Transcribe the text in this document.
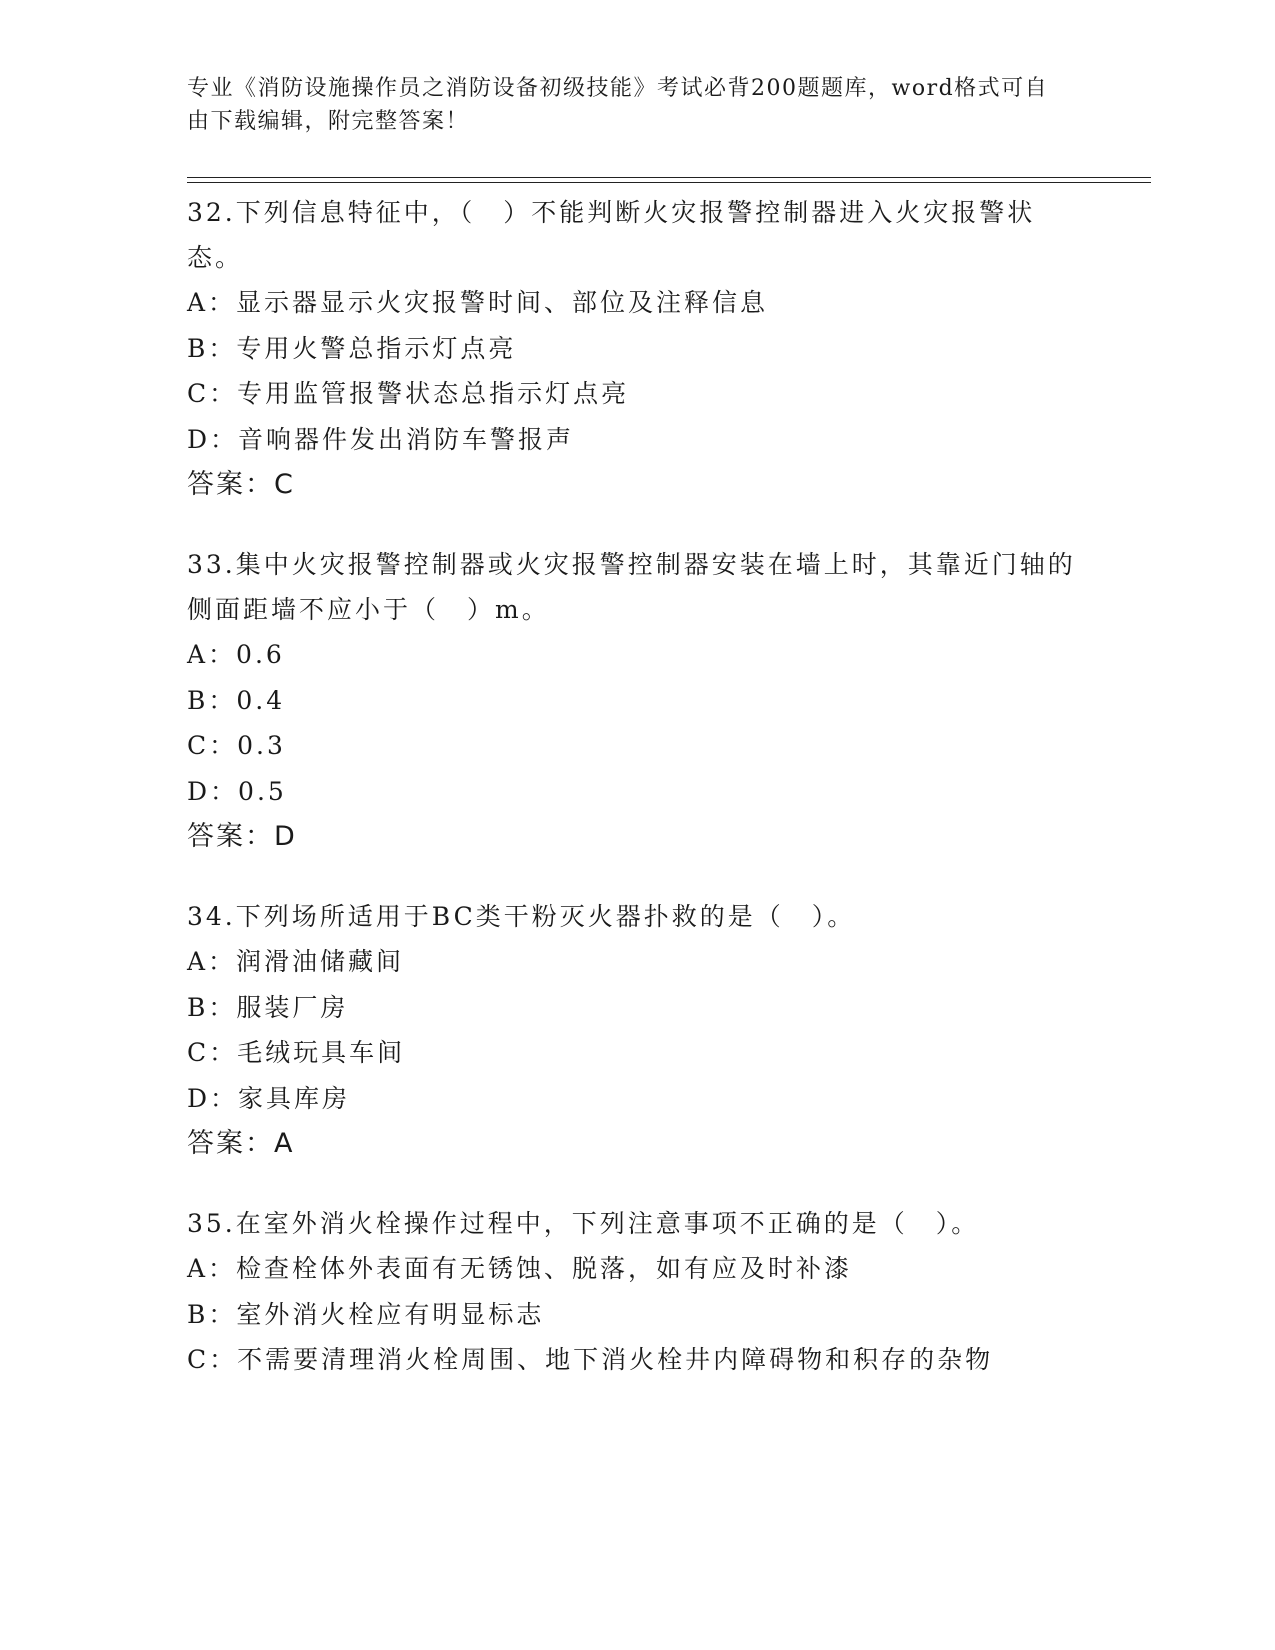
专业《消防设施操作员之消防设备初级技能》考试必背200题题库，word格式可自由下载编辑，附完整答案！

32.下列信息特征中，（　）不能判断火灾报警控制器进入火灾报警状态。

A：显示器显示火灾报警时间、部位及注释信息

B：专用火警总指示灯点亮

C：专用监管报警状态总指示灯点亮

D：音响器件发出消防车警报声

答案：C

33.集中火灾报警控制器或火灾报警控制器安装在墙上时，其靠近门轴的侧面距墙不应小于（　）m。

A：0.6

B：0.4

C：0.3

D：0.5

答案：D

34.下列场所适用于BC类干粉灭火器扑救的是（　）。

A：润滑油储藏间

B：服装厂房

C：毛绒玩具车间

D：家具库房

答案：A

35.在室外消火栓操作过程中，下列注意事项不正确的是（　）。

A：检查栓体外表面有无锈蚀、脱落，如有应及时补漆

B：室外消火栓应有明显标志

C：不需要清理消火栓周围、地下消火栓井内障碍物和积存的杂物
